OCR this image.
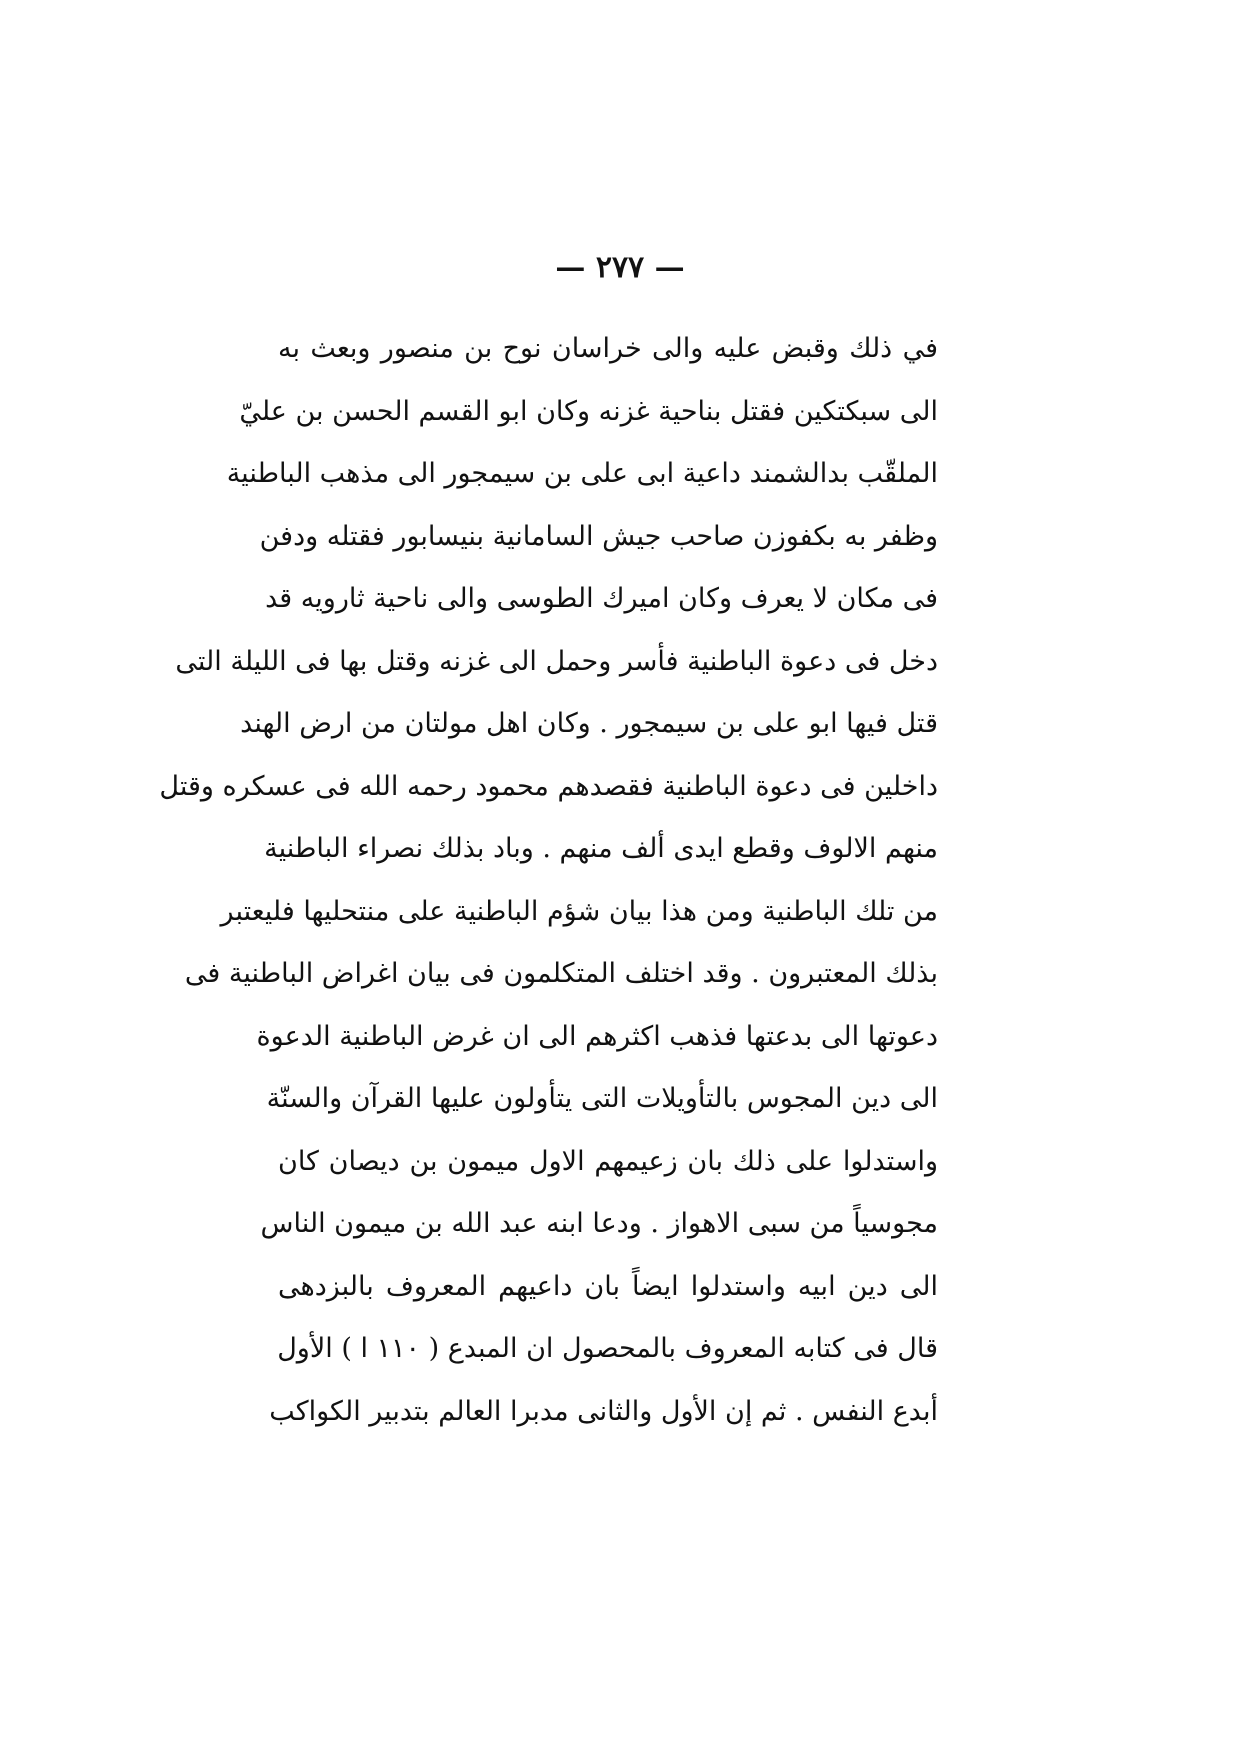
— ٢٧٧ —
في ذلك وقبض عليه والى خراسان نوح بن منصور وبعث به
الى سبكتكين فقتل بناحية غزنه وكان ابو القسم الحسن بن عليّ
الملقّب بدالشمند داعية ابى على بن سيمجور الى مذهب الباطنية
وظفر به بكفوزن صاحب جيش السامانية بنيسابور فقتله ودفن
فى مكان لا يعرف وكان اميرك الطوسى والى ناحية ثارويه قد
دخل فى دعوة الباطنية فأسر وحمل الى غزنه وقتل بها فى الليلة التى
قتل فيها ابو على بن سيمجور . وكان اهل مولتان من ارض الهند
داخلين فى دعوة الباطنية فقصدهم محمود رحمه الله فى عسكره وقتل
منهم الالوف وقطع ايدى ألف منهم . وباد بذلك نصراء الباطنية
من تلك الباطنية ومن هذا بيان شؤم الباطنية على منتحليها فليعتبر
بذلك المعتبرون . وقد اختلف المتكلمون فى بيان اغراض الباطنية فى
دعوتها الى بدعتها فذهب اكثرهم الى ان غرض الباطنية الدعوة
الى دين المجوس بالتأويلات التى يتأولون عليها القرآن والسنّة
واستدلوا على ذلك بان زعيمهم الاول ميمون بن ديصان كان
مجوسياً من سبى الاهواز . ودعا ابنه عبد الله بن ميمون الناس
الى دين ابيه واستدلوا ايضاً بان داعيهم المعروف بالبزدهى
قال فى كتابه المعروف بالمحصول ان المبدع ( ١١٠ ا ) الأول
أبدع النفس . ثم إن الأول والثانى مدبرا العالم بتدبير الكواكب
